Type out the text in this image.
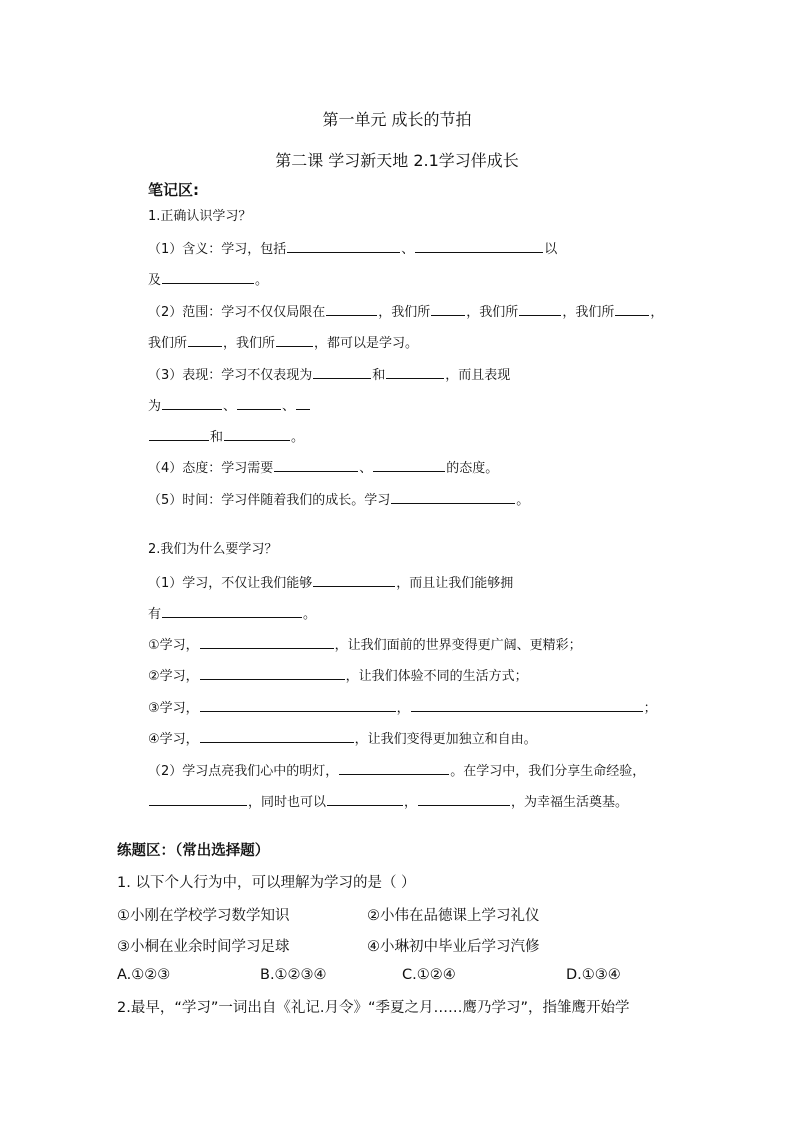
第一单元 成长的节拍
第二课 学习新天地 2.1学习伴成长
笔记区:
1.正确认识学习？
（1）含义：学习，包括	、	以
及	。
（2）范围：学习不仅仅局限在	，我们所	，我们所	，我们所	，
我们所	，我们所	，都可以是学习。
（3）表现：学习不仅表现为	和	，而且表现
为	、	、
和	。
（4）态度：学习需要	、	的态度。
（5）时间：学习伴随着我们的成长。学习	。
2.我们为什么要学习？
（1）学习，不仅让我们能够	，而且让我们能够拥
有	。
①学习，	，让我们面前的世界变得更广阔、更精彩；
②学习，	，让我们体验不同的生活方式；
③学习，	，	；
④学习，	，让我们变得更加独立和自由。
（2）学习点亮我们心中的明灯，	。在学习中，我们分享生命经验，
，同时也可以	，	，为幸福生活奠基。
练题区：（常出选择题）
1. 以下个人行为中，可以理解为学习的是（ ）
①小刚在学校学习数学知识	②小伟在品德课上学习礼仪
③小桐在业余时间学习足球	④小琳初中毕业后学习汽修
A.①②③	B.①②③④	C.①②④	D.①③④
2.最早，“学习”一词出自《礼记.月令》“季夏之月……鹰乃学习”，指雏鹰开始学
